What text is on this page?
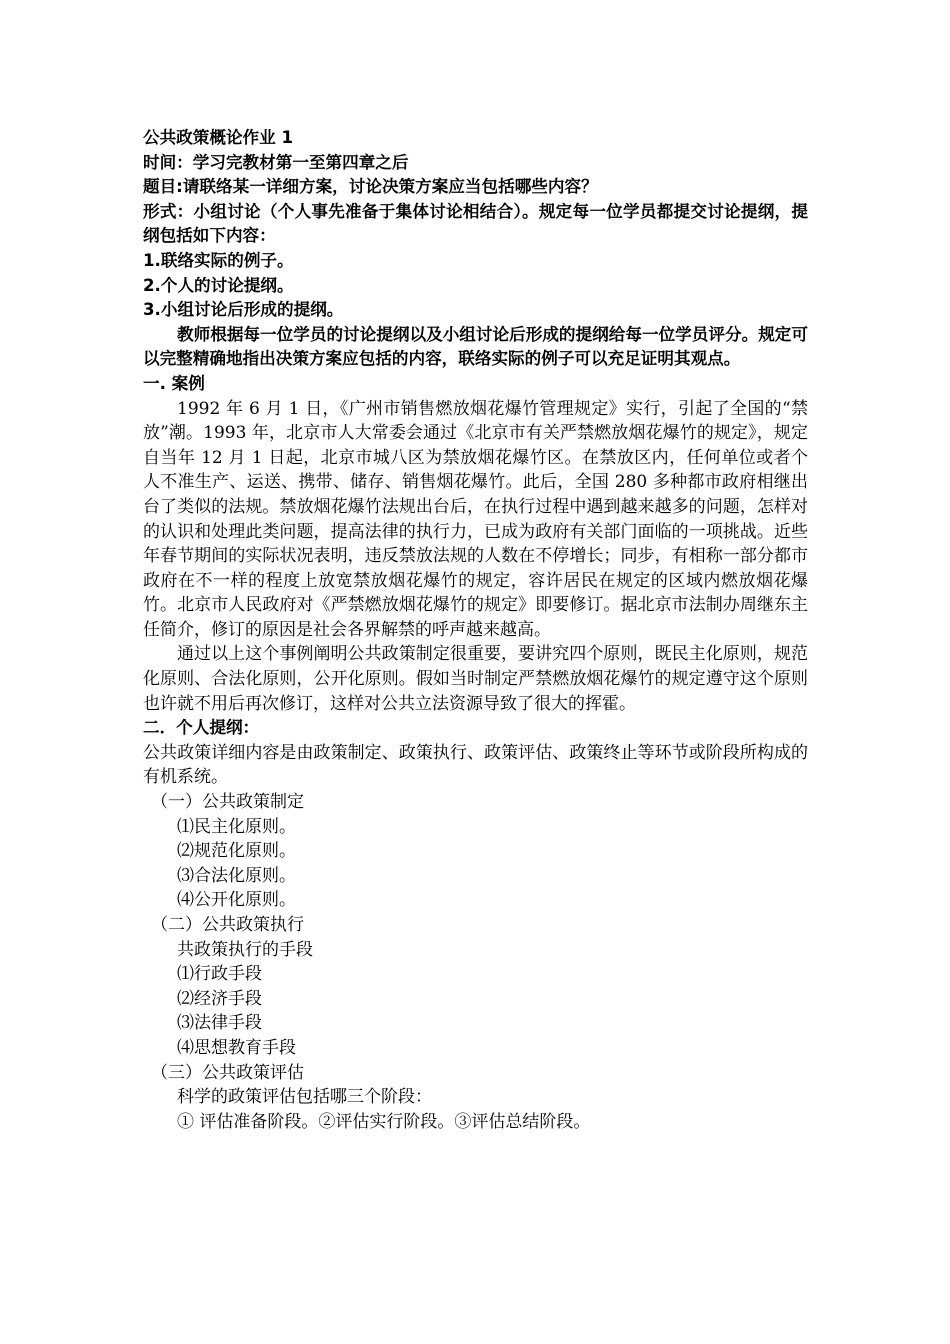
公共政策概论作业 1

时间：学习完教材第一至第四章之后

题目:请联络某一详细方案，讨论决策方案应当包括哪些内容？

形式：小组讨论（个人事先准备于集体讨论相结合）。规定每一位学员都提交讨论提纲，提纲包括如下内容：

1.联络实际的例子。

2.个人的讨论提纲。

3.小组讨论后形成的提纲。

教师根据每一位学员的讨论提纲以及小组讨论后形成的提纲给每一位学员评分。规定可以完整精确地指出决策方案应包括的内容，联络实际的例子可以充足证明其观点。

一. 案例

1992 年 6 月 1 日，《广州市销售燃放烟花爆竹管理规定》实行，引起了全国的“禁放”潮。1993 年，北京市人大常委会通过《北京市有关严禁燃放烟花爆竹的规定》，规定自当年 12 月 1 日起，北京市城八区为禁放烟花爆竹区。在禁放区内，任何单位或者个人不准生产、运送、携带、储存、销售烟花爆竹。此后，全国 280 多种都市政府相继出台了类似的法规。禁放烟花爆竹法规出台后，在执行过程中遇到越来越多的问题，怎样对的认识和处理此类问题，提高法律的执行力，已成为政府有关部门面临的一项挑战。近些年春节期间的实际状况表明，违反禁放法规的人数在不停增长；同步，有相称一部分都市政府在不一样的程度上放宽禁放烟花爆竹的规定，容许居民在规定的区域内燃放烟花爆竹。北京市人民政府对《严禁燃放烟花爆竹的规定》即要修订。据北京市法制办周继东主任简介，修订的原因是社会各界解禁的呼声越来越高。

通过以上这个事例阐明公共政策制定很重要，要讲究四个原则，既民主化原则，规范化原则、合法化原则，公开化原则。假如当时制定严禁燃放烟花爆竹的规定遵守这个原则也许就不用后再次修订，这样对公共立法资源导致了很大的挥霍。

二．个人提纲：

公共政策详细内容是由政策制定、政策执行、政策评估、政策终止等环节或阶段所构成的有机系统。

（一）公共政策制定

⑴民主化原则。

⑵规范化原则。

⑶合法化原则。

⑷公开化原则。

（二）公共政策执行

共政策执行的手段

⑴行政手段

⑵经济手段

⑶法律手段

⑷思想教育手段

（三）公共政策评估

科学的政策评估包括哪三个阶段：

① 评估准备阶段。②评估实行阶段。③评估总结阶段。
